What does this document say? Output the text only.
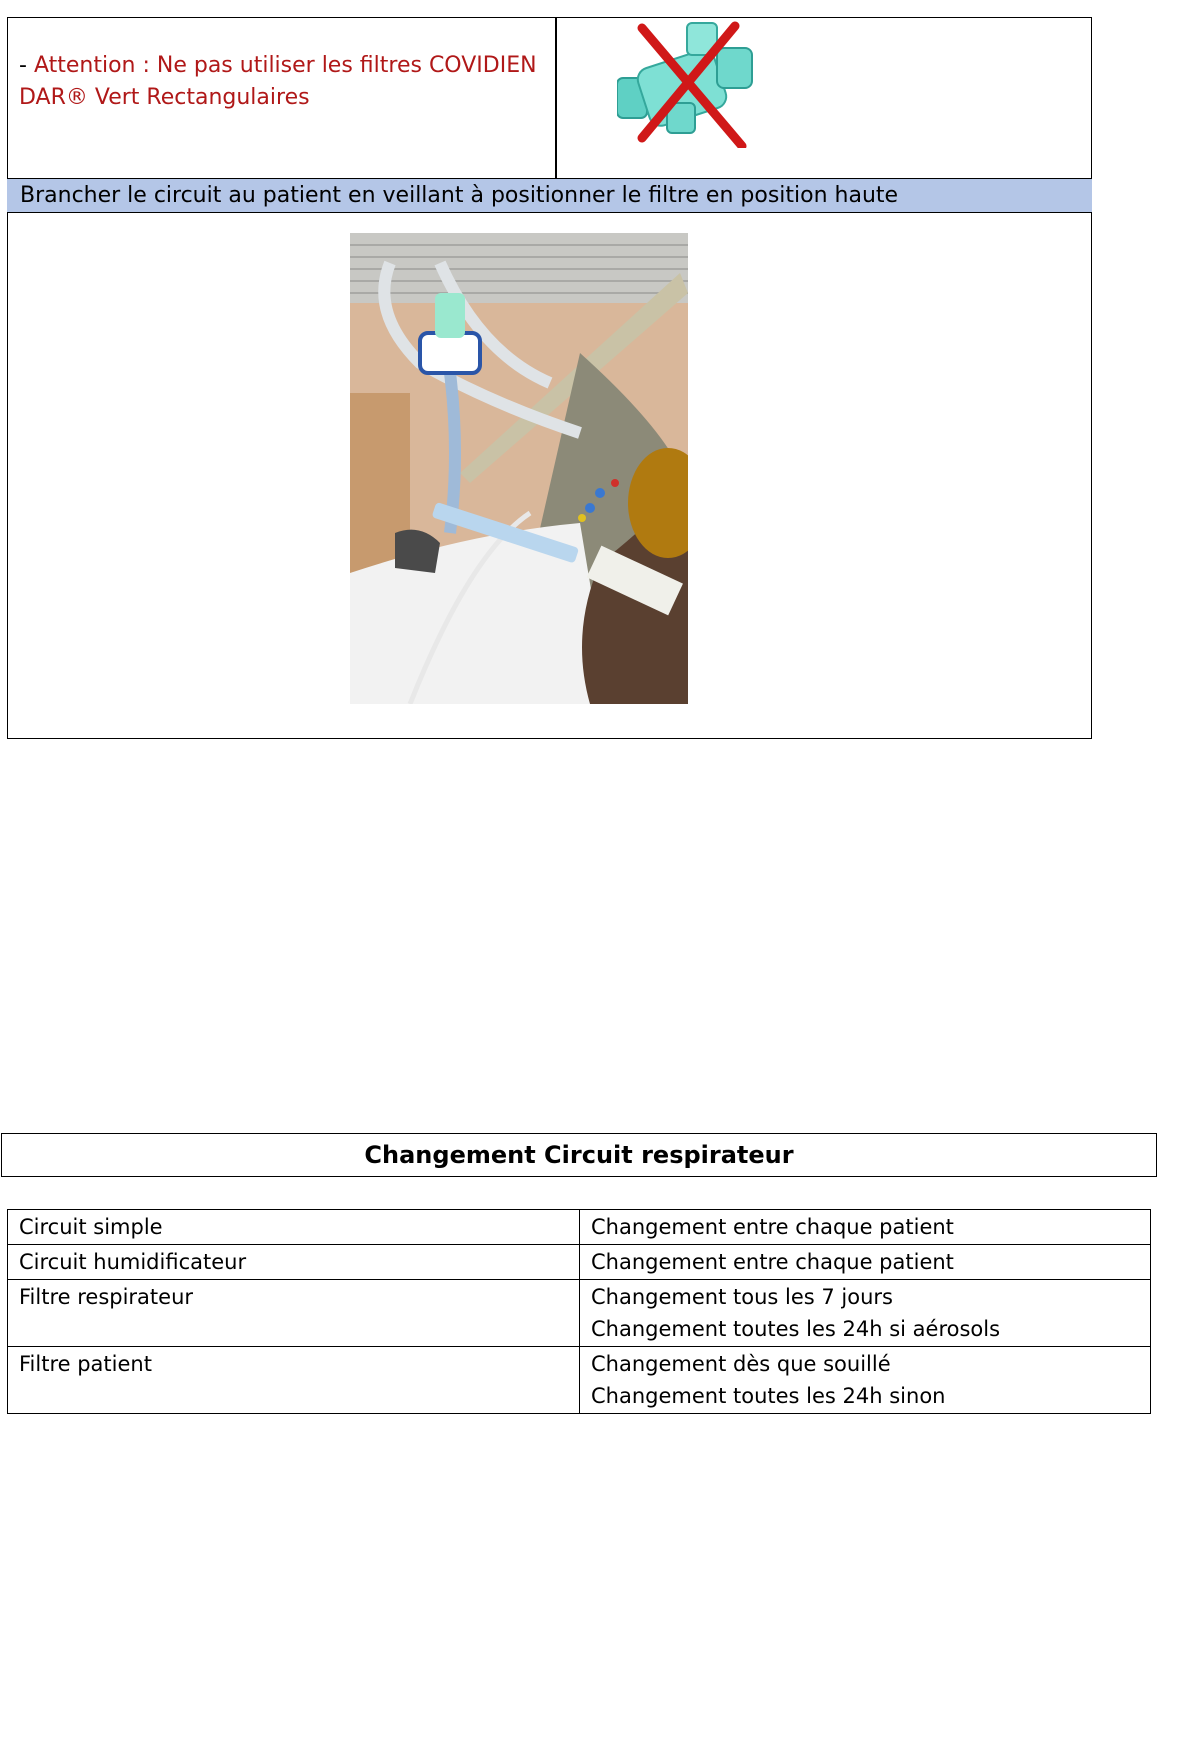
- Attention : Ne pas utiliser les filtres COVIDIEN
DAR® Vert Rectangulaires
Brancher le circuit au patient en veillant à positionner le filtre en position haute
Changement Circuit respirateur
Circuit simple	Changement entre chaque patient
Circuit humidificateur	Changement entre chaque patient
Filtre respirateur	Changement tous les 7 jours
Changement toutes les 24h si aérosols
Filtre patient	Changement dès que souillé
Changement toutes les 24h sinon
